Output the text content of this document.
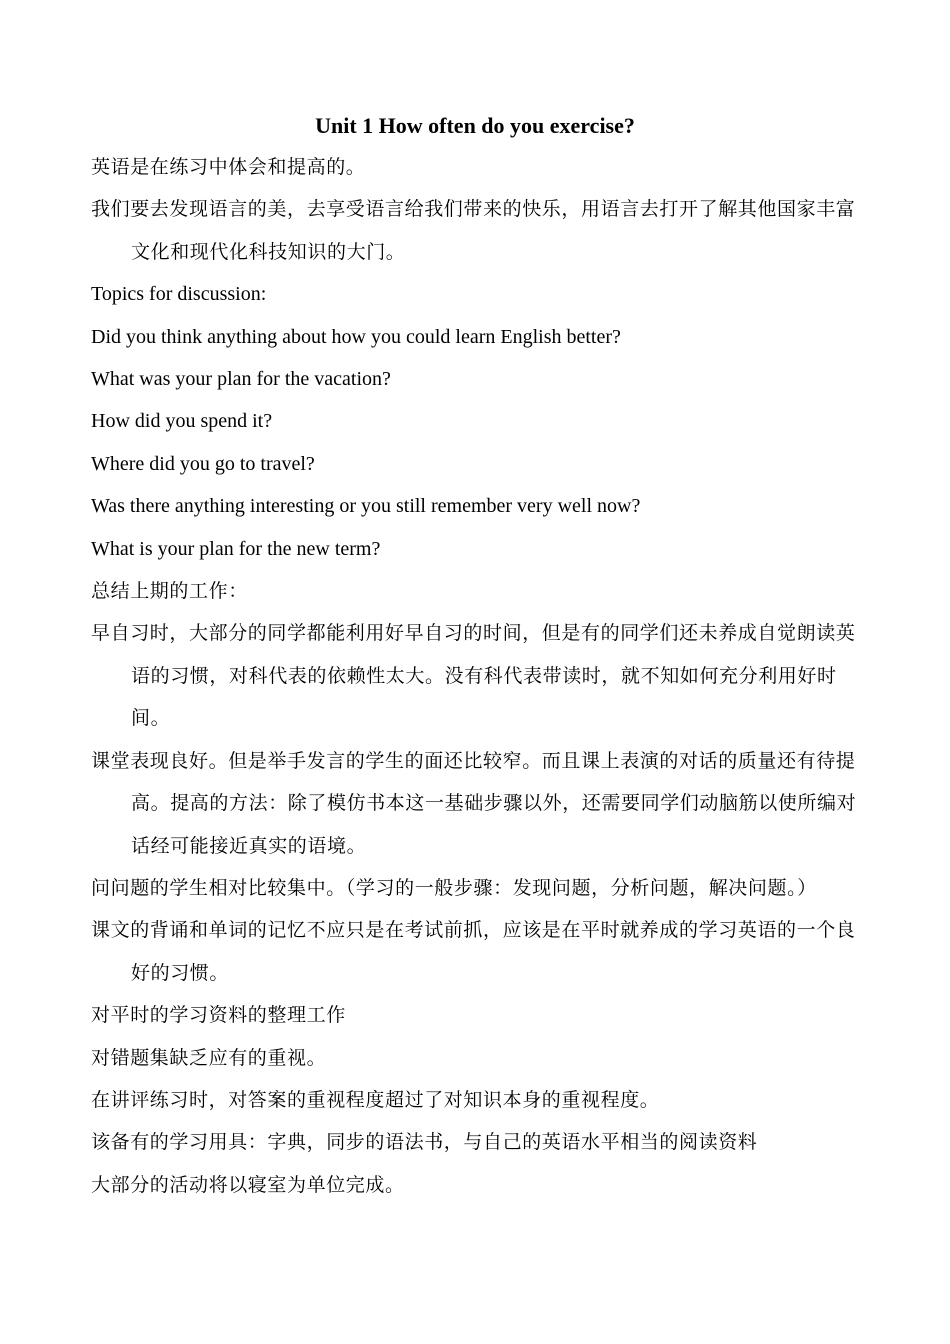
Unit 1 How often do you exercise?

英语是在练习中体会和提高的。

我们要去发现语言的美，去享受语言给我们带来的快乐，用语言去打开了解其他国家丰富文化和现代化科技知识的大门。

Topics for discussion:

Did you think anything about how you could learn English better?

What was your plan for the vacation?

How did you spend it?

Where did you go to travel?

Was there anything interesting or you still remember very well now?

What is your plan for the new term?

总结上期的工作：

早自习时，大部分的同学都能利用好早自习的时间，但是有的同学们还未养成自觉朗读英语的习惯，对科代表的依赖性太大。没有科代表带读时，就不知如何充分利用好时间。

课堂表现良好。但是举手发言的学生的面还比较窄。而且课上表演的对话的质量还有待提高。提高的方法：除了模仿书本这一基础步骤以外，还需要同学们动脑筋以使所编对话经可能接近真实的语境。

问问题的学生相对比较集中。（学习的一般步骤：发现问题，分析问题，解决问题。）

课文的背诵和单词的记忆不应只是在考试前抓，应该是在平时就养成的学习英语的一个良好的习惯。

对平时的学习资料的整理工作

对错题集缺乏应有的重视。

在讲评练习时，对答案的重视程度超过了对知识本身的重视程度。

该备有的学习用具：字典，同步的语法书，与自己的英语水平相当的阅读资料

大部分的活动将以寝室为单位完成。
